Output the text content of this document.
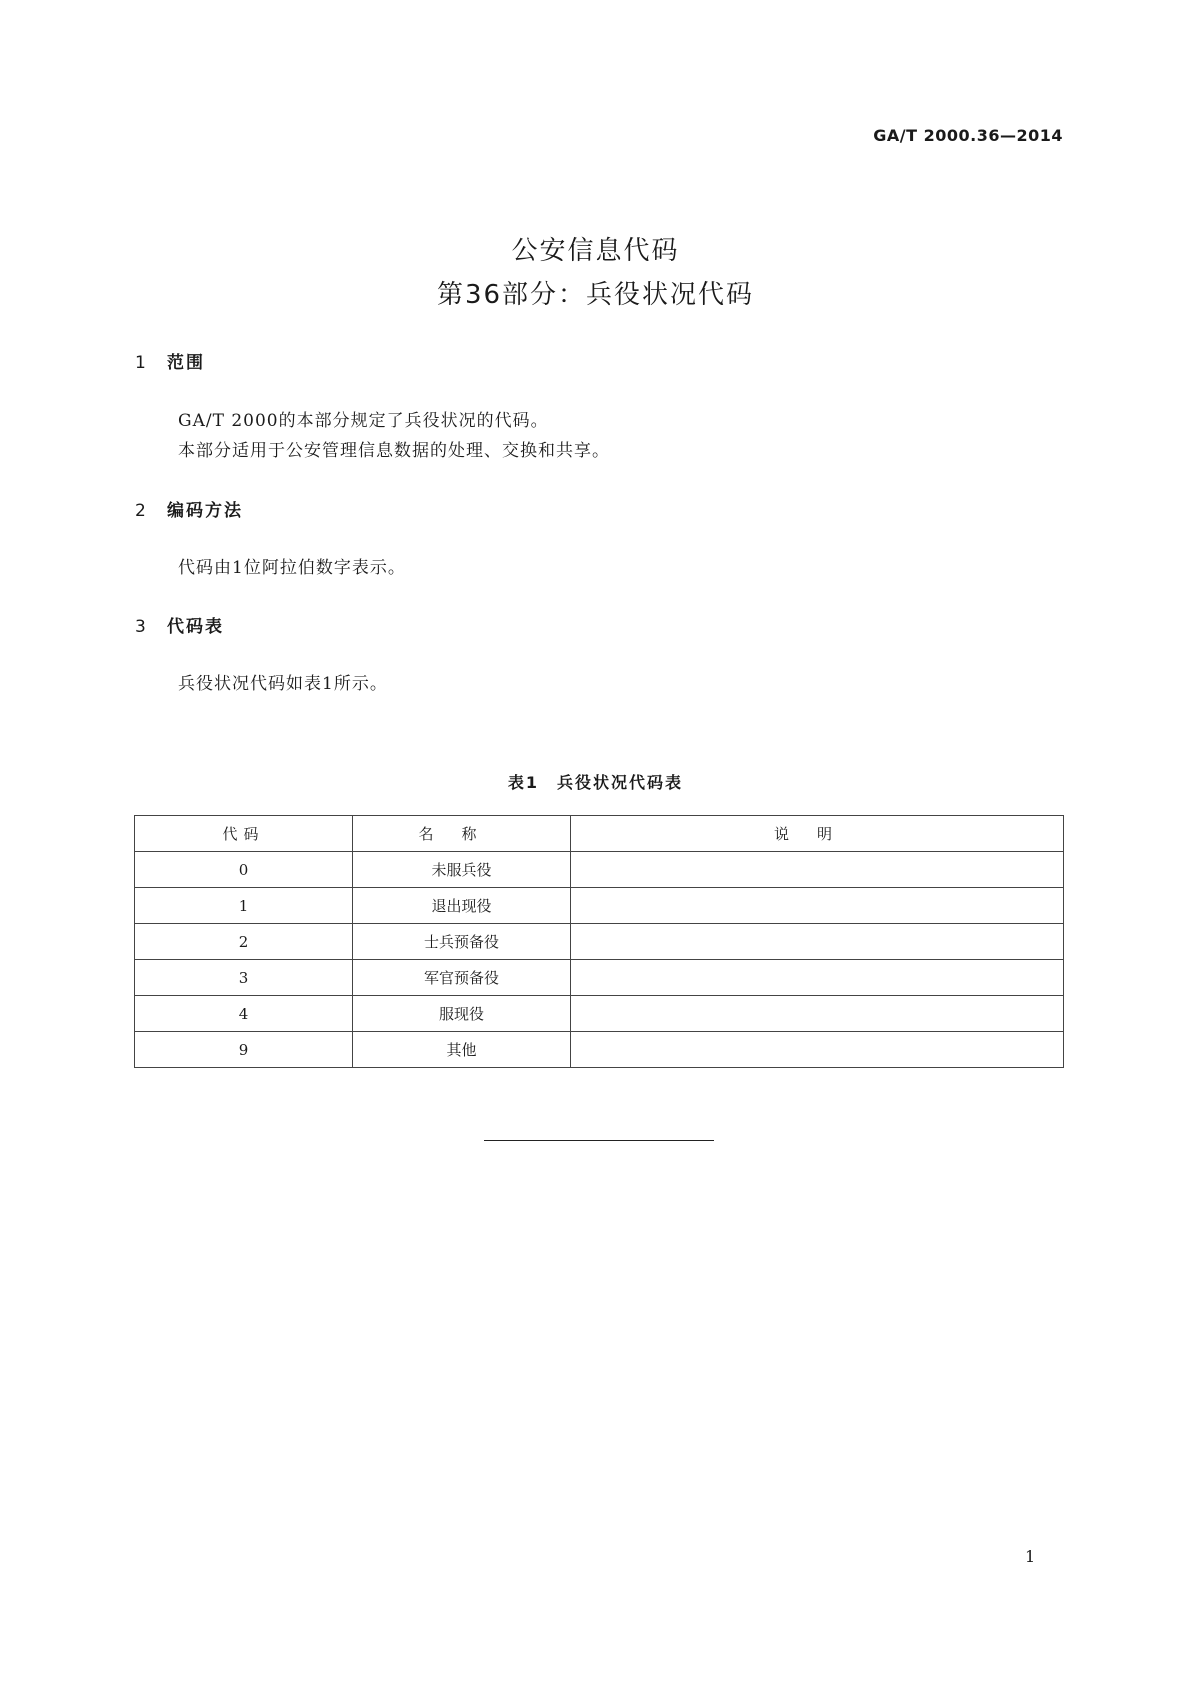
GA/T 2000.36—2014
公安信息代码
第36部分：兵役状况代码
1 范围
GA/T 2000的本部分规定了兵役状况的代码。
本部分适用于公安管理信息数据的处理、交换和共享。
2 编码方法
代码由1位阿拉伯数字表示。
3 代码表
兵役状况代码如表1所示。
表1　兵役状况代码表
代码	名称	说明
0	未服兵役	
1	退出现役	
2	士兵预备役	
3	军官预备役	
4	服现役	
9	其他	
1
